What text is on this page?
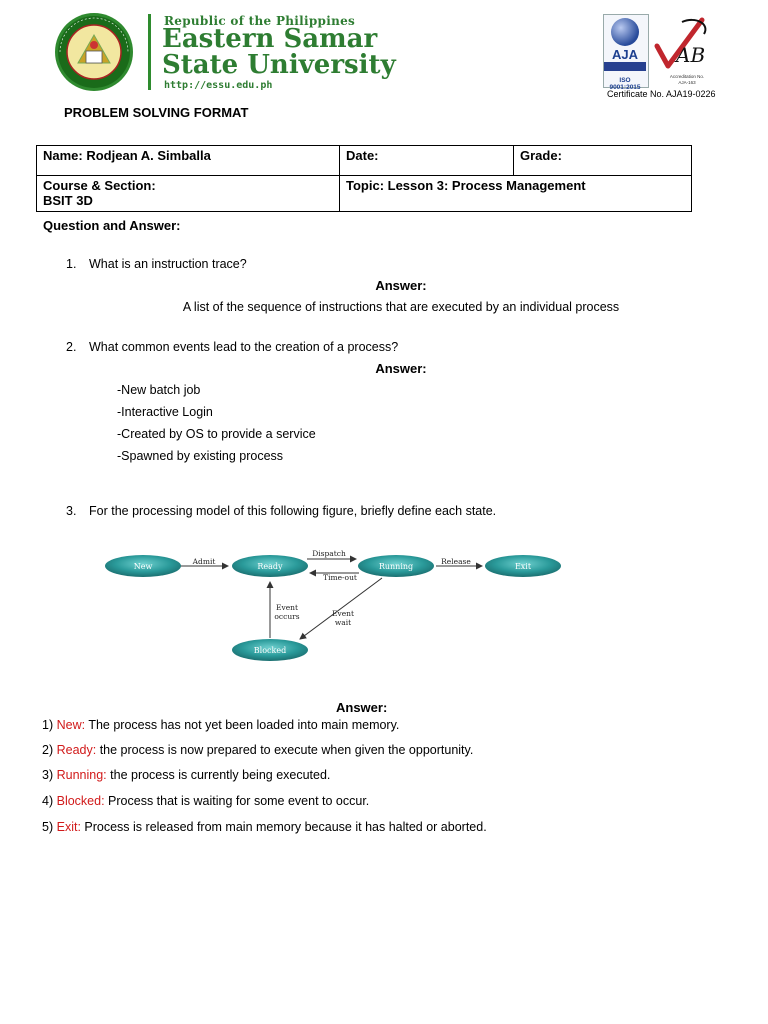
Republic of the Philippines
Eastern Samar
State University
http://essu.edu.ph
AJA
ISO 9001:2015
AB
Accreditation No. AJA-163
Certificate No. AJA19-0226
PROBLEM SOLVING FORMAT
Name: Rodjean A. Simballa	Date:	Grade:

Course & Section:
BSIT 3D	Topic: Lesson 3: Process Management	
Question and Answer:
1. What is an instruction trace?
Answer:
A list of the sequence of instructions that are executed by an individual process
2. What common events lead to the creation of a process?
Answer:
-New batch job
-Interactive Login
-Created by OS to provide a service
-Spawned by existing process
3. For the processing model of this following figure, briefly define each state.
Admit
Dispatch
Time-out
Release
Event
occurs	Event
wait
New	Ready	Running	Exit
Blocked
Answer:
1) New: The process has not yet been loaded into main memory.
2) Ready: the process is now prepared to execute when given the opportunity.
3) Running: the process is currently being executed.
4) Blocked: Process that is waiting for some event to occur.
5) Exit: Process is released from main memory because it has halted or aborted.
